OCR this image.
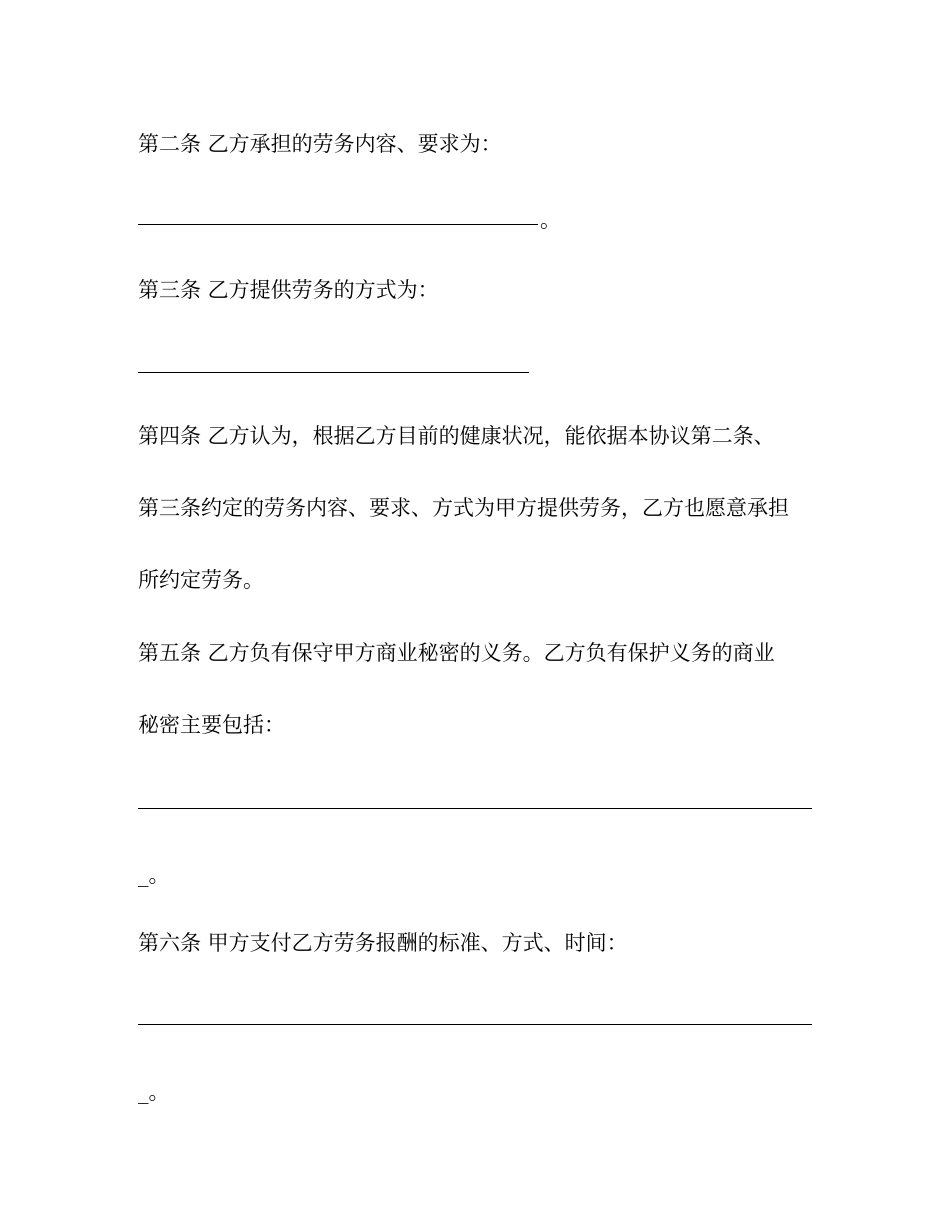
第二条 乙方承担的劳务内容、要求为：
。
第三条 乙方提供劳务的方式为：
第四条 乙方认为，根据乙方目前的健康状况，能依据本协议第二条、
第三条约定的劳务内容、要求、方式为甲方提供劳务，乙方也愿意承担
所约定劳务。
第五条 乙方负有保守甲方商业秘密的义务。乙方负有保护义务的商业
秘密主要包括：
_。
第六条 甲方支付乙方劳务报酬的标准、方式、时间：
_。
